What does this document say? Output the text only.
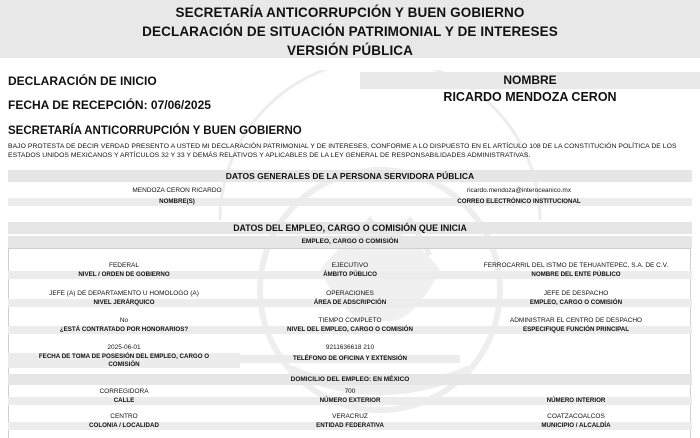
SECRETARÍA ANTICORRUPCIÓN Y BUEN GOBIERNO
DECLARACIÓN DE SITUACIÓN PATRIMONIAL Y DE INTERESES
VERSIÓN PÚBLICA
DECLARACIÓN DE INICIO
FECHA DE RECEPCIÓN: 07/06/2025
NOMBRE
RICARDO MENDOZA CERON
SECRETARÍA ANTICORRUPCIÓN Y BUEN GOBIERNO
BAJO PROTESTA DE DECIR VERDAD PRESENTO A USTED MI DECLARACIÓN PATRIMONIAL Y DE INTERESES, CONFORME A LO DISPUESTO EN EL ARTÍCULO 108 DE LA CONSTITUCIÓN POLÍTICA DE LOS ESTADOS UNIDOS MEXICANOS Y ARTÍCULOS 32 Y 33 Y DEMÁS RELATIVOS Y APLICABLES DE LA LEY GENERAL DE RESPONSABILIDADES ADMINISTRATIVAS.
DATOS GENERALES DE LA PERSONA SERVIDORA PÚBLICA
MENDOZA CERON RICARDO
NOMBRE(S)
ricardo.mendoza@interoceanico.mx
CORREO ELECTRÓNICO INSTITUCIONAL
DATOS DEL EMPLEO, CARGO O COMISIÓN QUE INICIA
EMPLEO, CARGO O COMISIÓN
FEDERAL
NIVEL / ORDEN DE GOBIERNO
EJECUTIVO
ÁMBITO PÚBLICO
FERROCARRIL DEL ISTMO DE TEHUANTEPEC, S.A. DE C.V.
NOMBRE DEL ENTE PÚBLICO
JEFE (A) DE DEPARTAMENTO U HOMOLOGO (A)
NIVEL JERÁRQUICO
OPERACIONES
ÁREA DE ADSCRIPCIÓN
JEFE DE DESPACHO
EMPLEO, CARGO O COMISIÓN
No
¿ESTÁ CONTRATADO POR HONORARIOS?
TIEMPO COMPLETO
NIVEL DEL EMPLEO, CARGO O COMISIÓN
ADMINISTRAR EL CENTRO DE DESPACHO
ESPECIFIQUE FUNCIÓN PRINCIPAL
2025-06-01
FECHA DE TOMA DE POSESIÓN DEL EMPLEO, CARGO O
COMISIÓN
9211636618 210
TELÉFONO DE OFICINA Y EXTENSIÓN
DOMICILIO DEL EMPLEO: EN MÉXICO
CORREGIDORA
CALLE
700
NÚMERO EXTERIOR	NÚMERO INTERIOR
CENTRO
COLONIA / LOCALIDAD
VERACRUZ
ENTIDAD FEDERATIVA
COATZACOALCOS
MUNICIPIO / ALCALDÍA
